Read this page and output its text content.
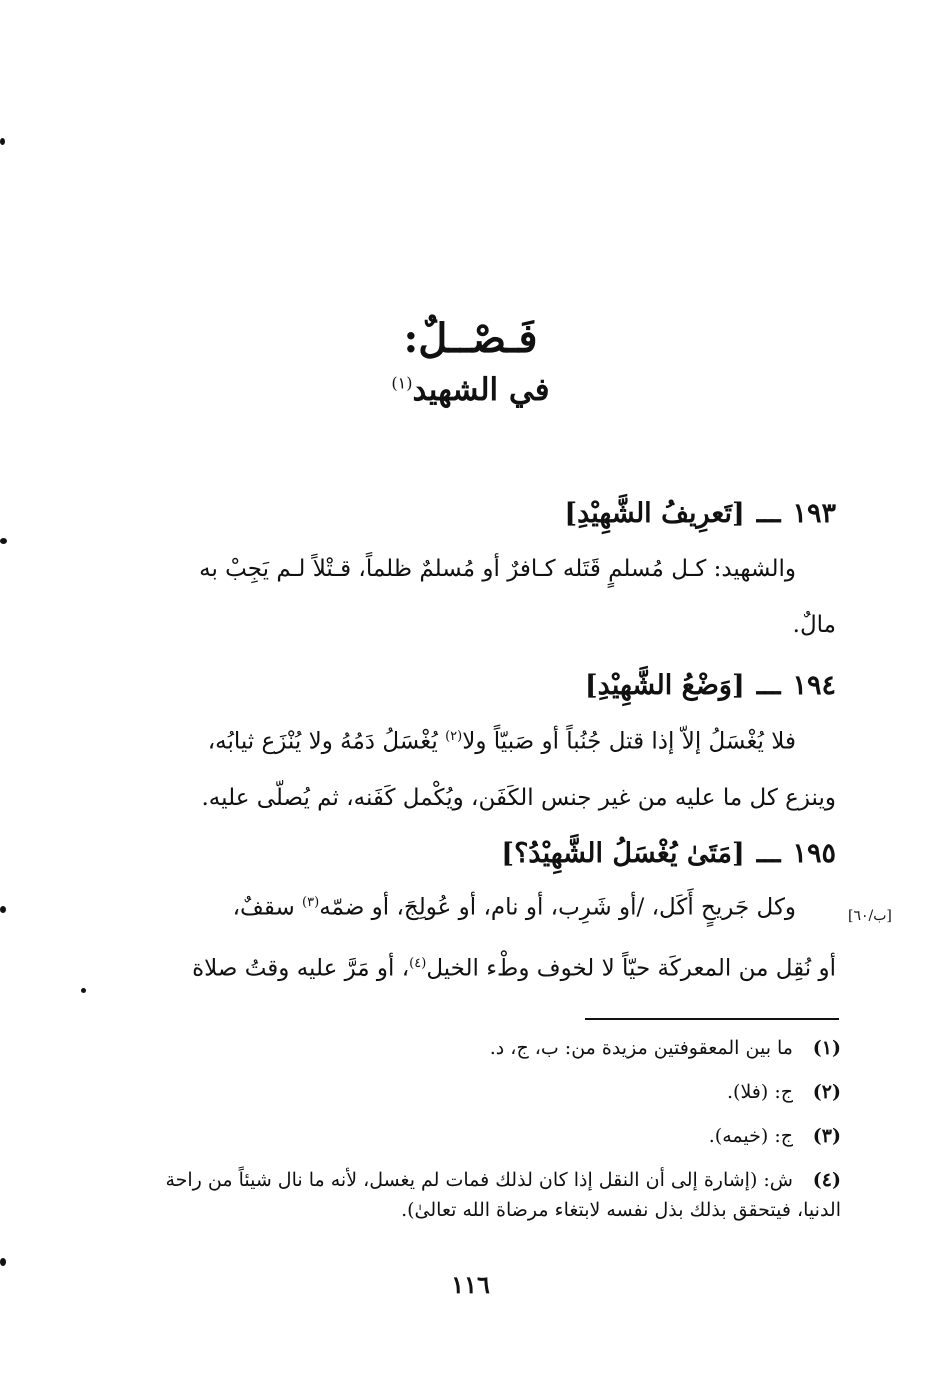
فَـصْــلٌ:
في الشهيد$^{(١)}$
١٩٣ـــ[تَعرِيفُ الشَّهِيْدِ]
والشهيد: كـل مُسلمٍ قَتَله كـافرٌ أو مُسلمٌ ظلماً، قـتْلاً لـم يَجِبْ به
مالٌ.
١٩٤ـــ[وَضْعُ الشَّهِيْدِ]
فلا يُغْسَلُ إلاّ إذا قتل جُنُباً أو صَبيّاً ولا$^{(٢)}$ يُغْسَلُ دَمُهُ ولا يُنْزَع ثيابُه،
وينزع كل ما عليه من غير جنس الكَفَن، ويُكْمل كَفَنه، ثم يُصلّى عليه.
١٩٥ـــ[مَتَىٰ يُغْسَلُ الشَّهِيْدُ؟]
وكل جَريحٍ أَكَل، /أو شَرِب، أو نام، أو عُولِجَ، أو ضمّه$^{(٣)}$ سقفٌ،
أو نُقِل من المعركَة حيّاً لا لخوف وطْء الخيل$^{(٤)}$، أو مَرَّ عليه وقتُ صلاة
[ب/٦٠]
(١)ما بين المعقوفتين مزيدة من: ب، ج، د.
(٢)ج: (فلا).
(٣)ج: (خيمه).
(٤)ش: (إشارة إلى أن النقل إذا كان لذلك فمات لم يغسل، لأنه ما نال شيئاً من راحة
الدنيا، فيتحقق بذلك بذل نفسه لابتغاء مرضاة الله تعالىٰ).
١١٦
